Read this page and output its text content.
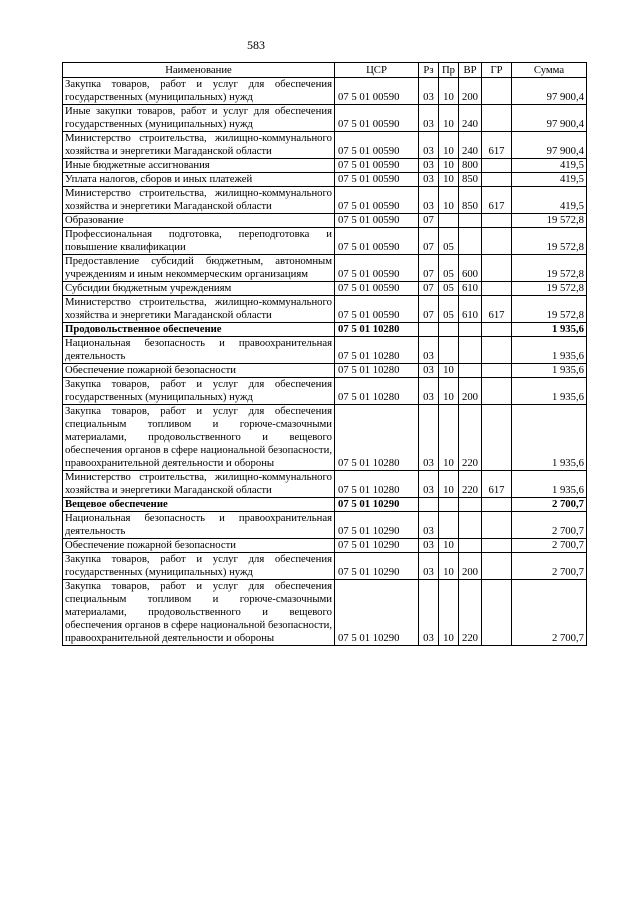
583
Наименование	ЦСР	Рз	Пр	ВР	ГР	Сумма
Закупка товаров, работ и услуг для обеспечения государственных (муниципальных) нужд	07 5 01 00590	03	10	200		97 900,4
Иные закупки товаров, работ и услуг для обеспечения государственных (муниципальных) нужд	07 5 01 00590	03	10	240		97 900,4
Министерство строительства, жилищно-коммунального хозяйства и энергетики Магаданской области	07 5 01 00590	03	10	240	617	97 900,4
Иные бюджетные ассигнования	07 5 01 00590	03	10	800		419,5
Уплата налогов, сборов и иных платежей	07 5 01 00590	03	10	850		419,5
Министерство строительства, жилищно-коммунального хозяйства и энергетики Магаданской области	07 5 01 00590	03	10	850	617	419,5
Образование	07 5 01 00590	07				19 572,8
Профессиональная подготовка, переподготовка и повышение квалификации	07 5 01 00590	07	05			19 572,8
Предоставление субсидий бюджетным, автономным учреждениям и иным некоммерческим организациям	07 5 01 00590	07	05	600		19 572,8
Субсидии бюджетным учреждениям	07 5 01 00590	07	05	610		19 572,8
Министерство строительства, жилищно-коммунального хозяйства и энергетики Магаданской области	07 5 01 00590	07	05	610	617	19 572,8
Продовольственное обеспечение	07 5 01 10280					1 935,6
Национальная безопасность и правоохранительная деятельность	07 5 01 10280	03				1 935,6
Обеспечение пожарной безопасности	07 5 01 10280	03	10			1 935,6
Закупка товаров, работ и услуг для обеспечения государственных (муниципальных) нужд	07 5 01 10280	03	10	200		1 935,6
Закупка товаров, работ и услуг для обеспечения специальным топливом и горюче-смазочными материалами, продовольственного и вещевого обеспечения органов в сфере национальной безопасности, правоохранительной деятельности и обороны	07 5 01 10280	03	10	220		1 935,6
Министерство строительства, жилищно-коммунального хозяйства и энергетики Магаданской области	07 5 01 10280	03	10	220	617	1 935,6
Вещевое обеспечение	07 5 01 10290					2 700,7
Национальная безопасность и правоохранительная деятельность	07 5 01 10290	03				2 700,7
Обеспечение пожарной безопасности	07 5 01 10290	03	10			2 700,7
Закупка товаров, работ и услуг для обеспечения государственных (муниципальных) нужд	07 5 01 10290	03	10	200		2 700,7
Закупка товаров, работ и услуг для обеспечения специальным топливом и горюче-смазочными материалами, продовольственного и вещевого обеспечения органов в сфере национальной безопасности, правоохранительной деятельности и обороны	07 5 01 10290	03	10	220		2 700,7
